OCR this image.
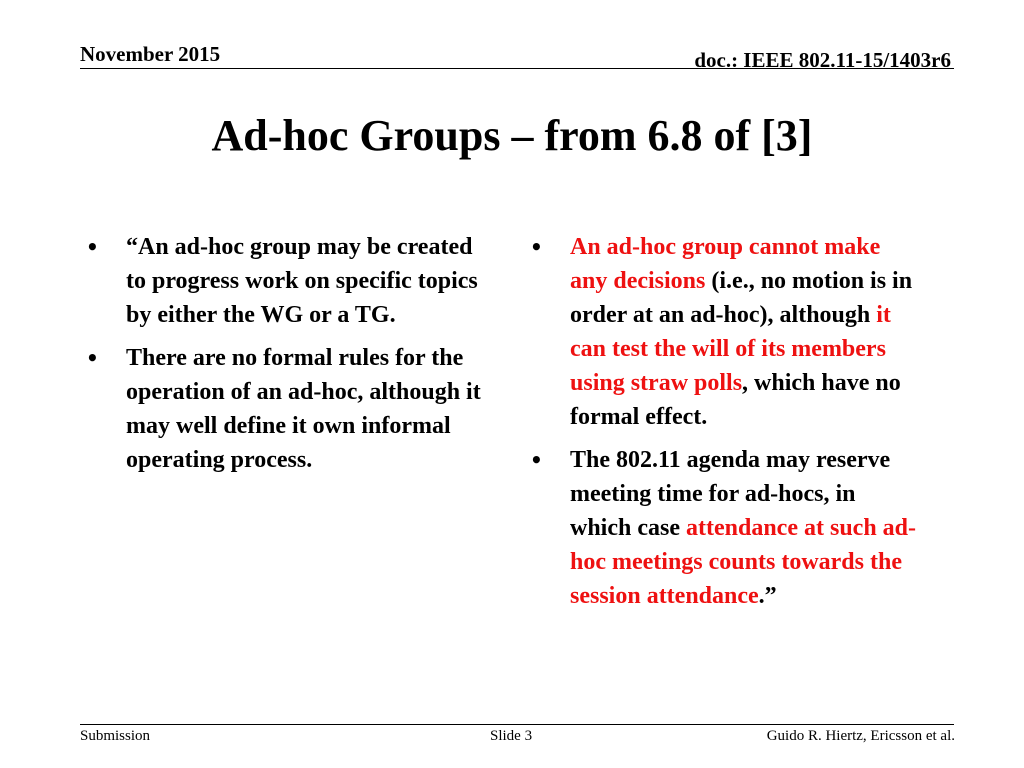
November 2015	doc.: IEEE 802.11-15/1403r6
Ad-hoc Groups – from 6.8 of [3]
•	“An ad-hoc group may be created to progress work on specific topics by either the WG or a TG.
•	There are no formal rules for the operation of an ad-hoc, although it may well define it own informal operating process.
•	An ad-hoc group cannot make any decisions (i.e., no motion is in order at an ad-hoc), although it can test the will of its members using straw polls, which have no formal effect.
•	The 802.11 agenda may reserve meeting time for ad-hocs, in which case attendance at such ad-hoc meetings counts towards the session attendance.”
Submission	Slide 3	Guido R. Hiertz, Ericsson et al.
